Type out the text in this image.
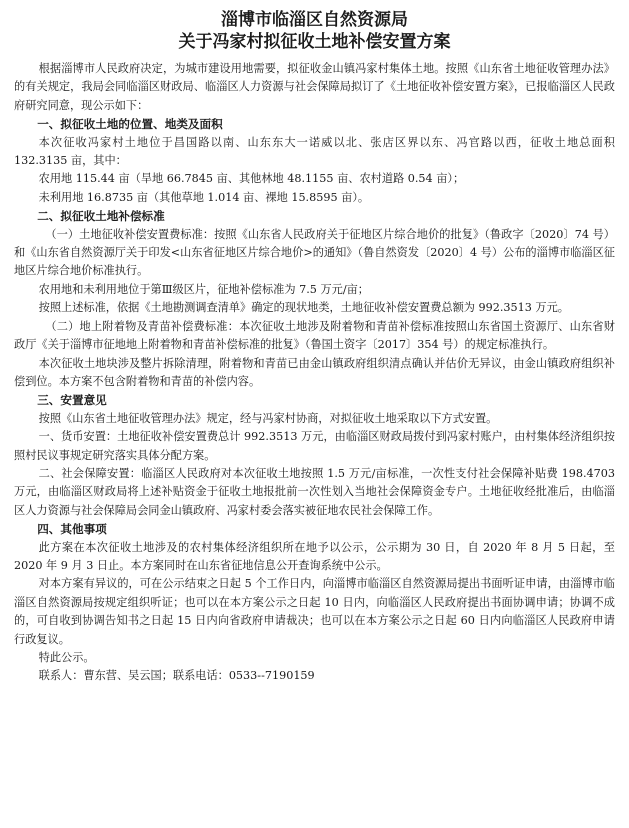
淄博市临淄区自然资源局
关于冯家村拟征收土地补偿安置方案

根据淄博市人民政府决定，为城市建设用地需要，拟征收金山镇冯家村集体土地。按照《山东省土地征收管理办法》的有关规定，我局会同临淄区财政局、临淄区人力资源与社会保障局拟订了《土地征收补偿安置方案》，已报临淄区人民政府研究同意，现公示如下：

一、拟征收土地的位置、地类及面积

本次征收冯家村土地位于昌国路以南、山东东大一诺威以北、张店区界以东、冯官路以西，征收土地总面积 132.3135 亩，其中：

农用地 115.44 亩（旱地 66.7845 亩、其他林地 48.1155 亩、农村道路 0.54 亩）；

未利用地 16.8735 亩（其他草地 1.014 亩、裸地 15.8595 亩）。

二、拟征收土地补偿标准

（一）土地征收补偿安置费标准：按照《山东省人民政府关于征地区片综合地价的批复》（鲁政字〔2020〕74 号）和《山东省自然资源厅关于印发<山东省征地区片综合地价>的通知》（鲁自然资发〔2020〕4 号）公布的淄博市临淄区征地区片综合地价标准执行。

农用地和未利用地位于第Ⅲ级区片，征地补偿标准为 7.5 万元/亩；

按照上述标准，依据《土地勘测调查清单》确定的现状地类，土地征收补偿安置费总额为 992.3513 万元。

（二）地上附着物及青苗补偿费标准：本次征收土地涉及附着物和青苗补偿标准按照山东省国土资源厅、山东省财政厅《关于淄博市征地地上附着物和青苗补偿标准的批复》（鲁国土资字〔2017〕354 号）的规定标准执行。

本次征收土地块涉及整片拆除清理，附着物和青苗已由金山镇政府组织清点确认并估价无异议，由金山镇政府组织补偿到位。本方案不包含附着物和青苗的补偿内容。

三、安置意见

按照《山东省土地征收管理办法》规定，经与冯家村协商，对拟征收土地采取以下方式安置。

一、货币安置：土地征收补偿安置费总计 992.3513 万元，由临淄区财政局拨付到冯家村账户，由村集体经济组织按照村民议事规定研究落实具体分配方案。

二、社会保障安置：临淄区人民政府对本次征收土地按照 1.5 万元/亩标准，一次性支付社会保障补贴费 198.4703 万元，由临淄区财政局将上述补贴资金于征收土地报批前一次性划入当地社会保障资金专户。土地征收经批准后，由临淄区人力资源与社会保障局会同金山镇政府、冯家村委会落实被征地农民社会保障工作。

四、其他事项

此方案在本次征收土地涉及的农村集体经济组织所在地予以公示，公示期为 30 日，自 2020 年 8 月 5 日起，至 2020 年 9 月 3 日止。本方案同时在山东省征地信息公开查询系统中公示。

对本方案有异议的，可在公示结束之日起 5 个工作日内，向淄博市临淄区自然资源局提出书面听证申请，由淄博市临淄区自然资源局按规定组织听证；也可以在本方案公示之日起 10 日内，向临淄区人民政府提出书面协调申请；协调不成的，可自收到协调告知书之日起 15 日内向省政府申请裁决；也可以在本方案公示之日起 60 日内向临淄区人民政府申请行政复议。

特此公示。

联系人：曹东营、吴云国；联系电话：0533--7190159
